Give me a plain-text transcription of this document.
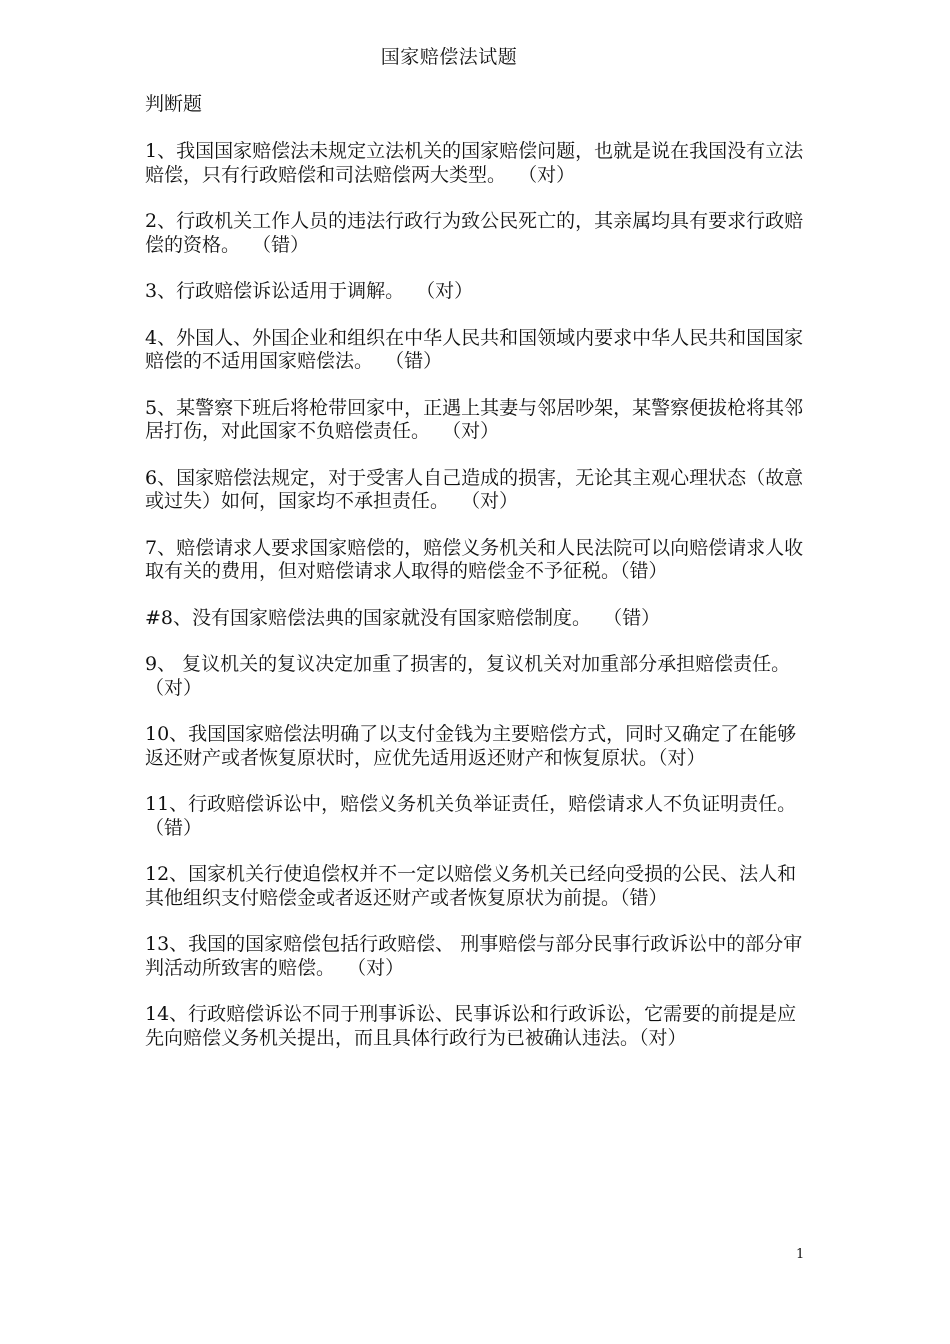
国家赔偿法试题
判断题
1、我国国家赔偿法未规定立法机关的国家赔偿问题，也就是说在我国没有立法赔偿，只有行政赔偿和司法赔偿两大类型。  （对）
2、行政机关工作人员的违法行政行为致公民死亡的，其亲属均具有要求行政赔偿的资格。  （错）
3、行政赔偿诉讼适用于调解。  （对）
4、外国人、外国企业和组织在中华人民共和国领域内要求中华人民共和国国家赔偿的不适用国家赔偿法。  （错）
5、某警察下班后将枪带回家中，正遇上其妻与邻居吵架，某警察便拔枪将其邻居打伤，对此国家不负赔偿责任。  （对）
6、国家赔偿法规定，对于受害人自己造成的损害，无论其主观心理状态（故意或过失）如何，国家均不承担责任。  （对）
7、赔偿请求人要求国家赔偿的，赔偿义务机关和人民法院可以向赔偿请求人收取有关的费用，但对赔偿请求人取得的赔偿金不予征税。（错）
#8、没有国家赔偿法典的国家就没有国家赔偿制度。  （错）
9、 复议机关的复议决定加重了损害的，复议机关对加重部分承担赔偿责任。  （对）
10、我国国家赔偿法明确了以支付金钱为主要赔偿方式，同时又确定了在能够返还财产或者恢复原状时，应优先适用返还财产和恢复原状。（对）
11、行政赔偿诉讼中，赔偿义务机关负举证责任，赔偿请求人不负证明责任。  （错）
12、国家机关行使追偿权并不一定以赔偿义务机关已经向受损的公民、法人和其他组织支付赔偿金或者返还财产或者恢复原状为前提。（错）
13、我国的国家赔偿包括行政赔偿、 刑事赔偿与部分民事行政诉讼中的部分审判活动所致害的赔偿。  （对）
14、行政赔偿诉讼不同于刑事诉讼、民事诉讼和行政诉讼，它需要的前提是应先向赔偿义务机关提出，而且具体行政行为已被确认违法。（对）
1
